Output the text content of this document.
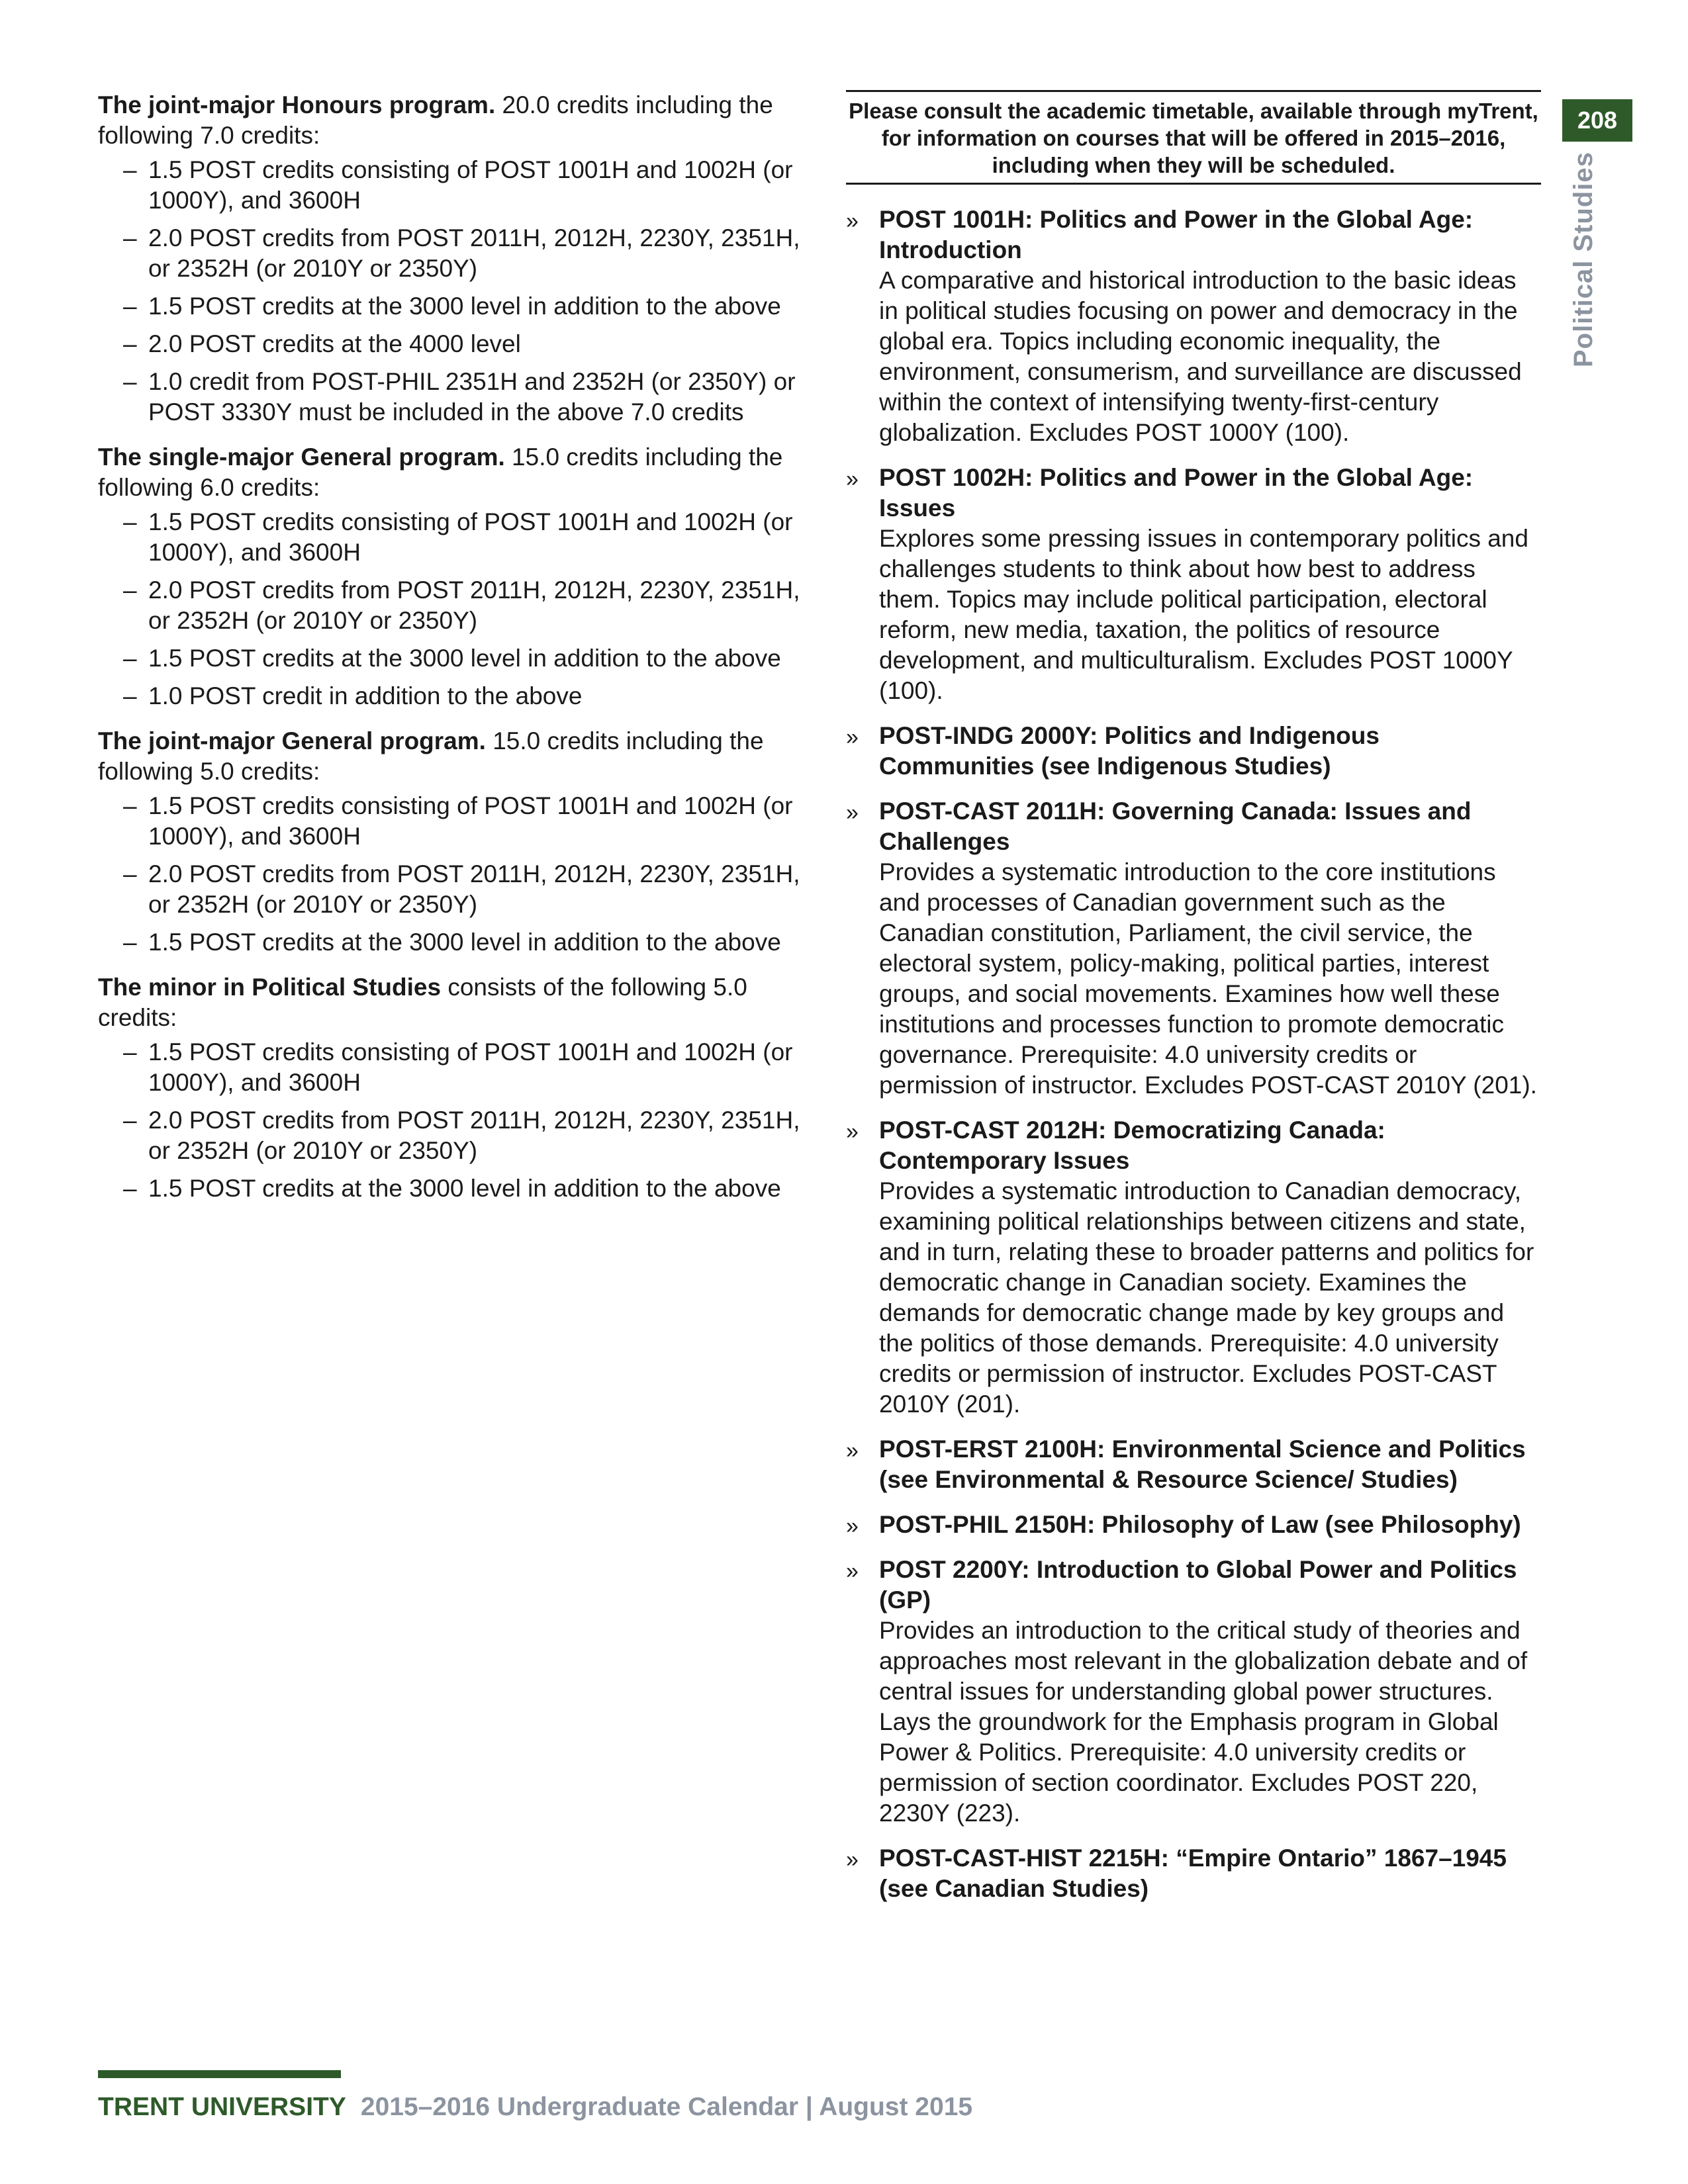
208
Political Studies
The joint-major Honours program. 20.0 credits including the following 7.0 credits:
– 1.5 POST credits consisting of POST 1001H and 1002H (or 1000Y), and 3600H
– 2.0 POST credits from POST 2011H, 2012H, 2230Y, 2351H, or 2352H (or 2010Y or 2350Y)
– 1.5 POST credits at the 3000 level in addition to the above
– 2.0 POST credits at the 4000 level
– 1.0 credit from POST-PHIL 2351H and 2352H (or 2350Y) or POST 3330Y must be included in the above 7.0 credits
The single-major General program. 15.0 credits including the following 6.0 credits:
– 1.5 POST credits consisting of POST 1001H and 1002H (or 1000Y), and 3600H
– 2.0 POST credits from POST 2011H, 2012H, 2230Y, 2351H, or 2352H (or 2010Y or 2350Y)
– 1.5 POST credits at the 3000 level in addition to the above
– 1.0 POST credit in addition to the above
The joint-major General program. 15.0 credits including the following 5.0 credits:
– 1.5 POST credits consisting of POST 1001H and 1002H (or 1000Y), and 3600H
– 2.0 POST credits from POST 2011H, 2012H, 2230Y, 2351H, or 2352H (or 2010Y or 2350Y)
– 1.5 POST credits at the 3000 level in addition to the above
The minor in Political Studies consists of the following 5.0 credits:
– 1.5 POST credits consisting of POST 1001H and 1002H (or 1000Y), and 3600H
– 2.0 POST credits from POST 2011H, 2012H, 2230Y, 2351H, or 2352H (or 2010Y or 2350Y)
– 1.5 POST credits at the 3000 level in addition to the above
Please consult the academic timetable, available through myTrent, for information on courses that will be offered in 2015–2016, including when they will be scheduled.
» POST 1001H: Politics and Power in the Global Age: Introduction
A comparative and historical introduction to the basic ideas in political studies focusing on power and democracy in the global era. Topics including economic inequality, the environment, consumerism, and surveillance are discussed within the context of intensifying twenty-first-century globalization. Excludes POST 1000Y (100).
» POST 1002H: Politics and Power in the Global Age: Issues
Explores some pressing issues in contemporary politics and challenges students to think about how best to address them. Topics may include political participation, electoral reform, new media, taxation, the politics of resource development, and multiculturalism. Excludes POST 1000Y (100).
» POST-INDG 2000Y: Politics and Indigenous Communities (see Indigenous Studies)
» POST-CAST 2011H: Governing Canada: Issues and Challenges
Provides a systematic introduction to the core institutions and processes of Canadian government such as the Canadian constitution, Parliament, the civil service, the electoral system, policy-making, political parties, interest groups, and social movements. Examines how well these institutions and processes function to promote democratic governance. Prerequisite: 4.0 university credits or permission of instructor. Excludes POST-CAST 2010Y (201).
» POST-CAST 2012H: Democratizing Canada: Contemporary Issues
Provides a systematic introduction to Canadian democracy, examining political relationships between citizens and state, and in turn, relating these to broader patterns and politics for democratic change in Canadian society. Examines the demands for democratic change made by key groups and the politics of those demands. Prerequisite: 4.0 university credits or permission of instructor. Excludes POST-CAST 2010Y (201).
» POST-ERST 2100H: Environmental Science and Politics (see Environmental & Resource Science/ Studies)
» POST-PHIL 2150H: Philosophy of Law (see Philosophy)
» POST 2200Y: Introduction to Global Power and Politics (GP)
Provides an introduction to the critical study of theories and approaches most relevant in the globalization debate and of central issues for understanding global power structures. Lays the groundwork for the Emphasis program in Global Power & Politics. Prerequisite: 4.0 university credits or permission of section coordinator. Excludes POST 220, 2230Y (223).
» POST-CAST-HIST 2215H: “Empire Ontario” 1867–1945 (see Canadian Studies)
TRENT UNIVERSITY 2015–2016 Undergraduate Calendar | August 2015
